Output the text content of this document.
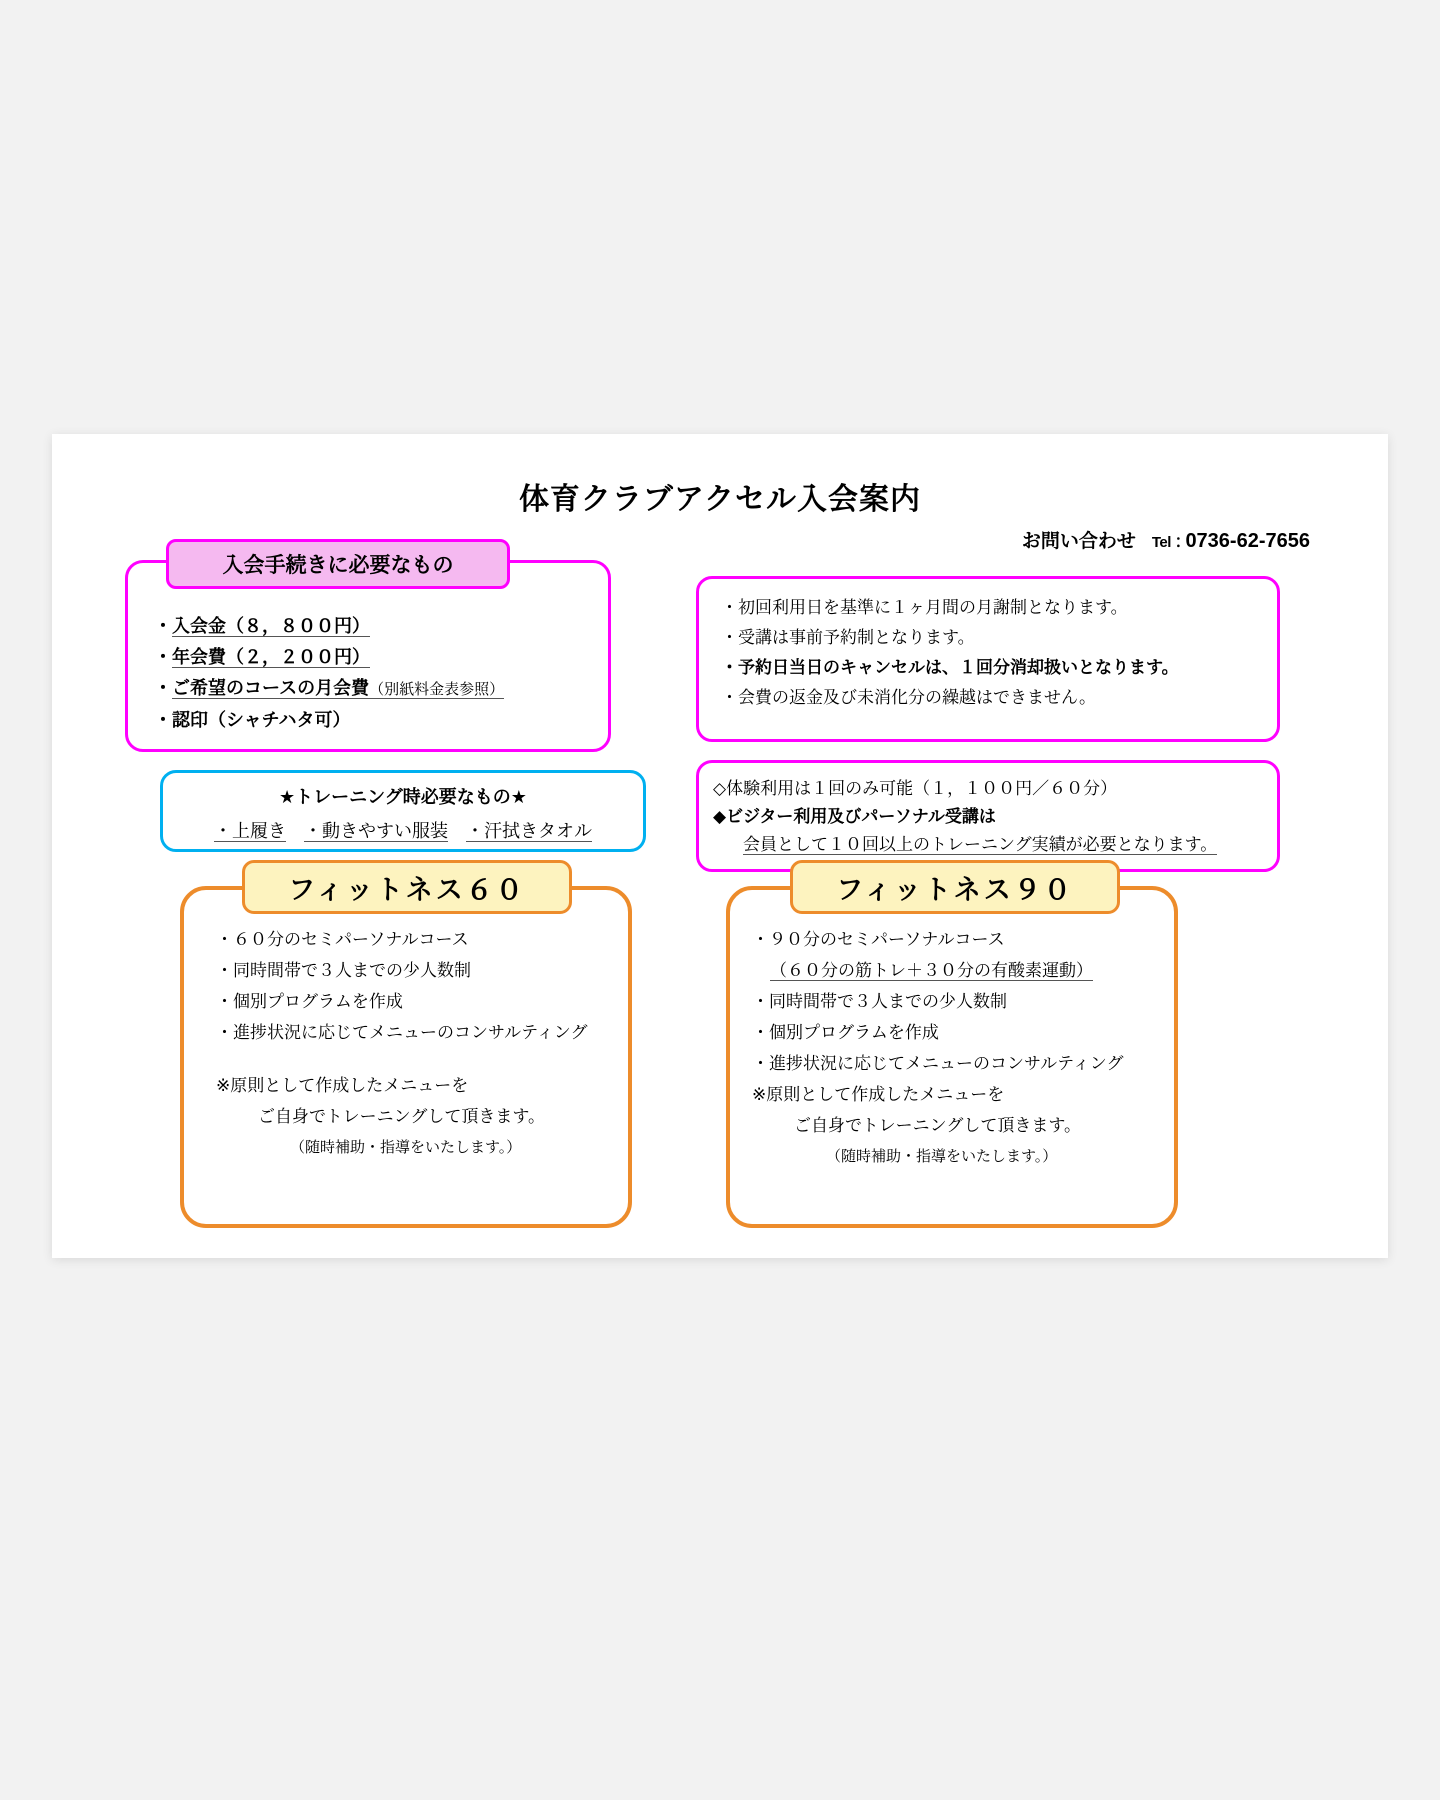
体育クラブアクセル入会案内
お問い合わせ Tel：0736-62-7656
入会手続きに必要なもの
・入会金（８，８００円）
・年会費（２，２００円）
・ご希望のコースの月会費（別紙料金表参照）
・認印（シャチハタ可）
★トレーニング時必要なもの★
・上履き ・動きやすい服装 ・汗拭きタオル
・初回利用日を基準に１ヶ月間の月謝制となります。
・受講は事前予約制となります。
・予約日当日のキャンセルは、１回分消却扱いとなります。
・会費の返金及び未消化分の繰越はできません。
◇体験利用は１回のみ可能（１，１００円／６０分）
◆ビジター利用及びパーソナル受講は
会員として１０回以上のトレーニング実績が必要となります。
・６０分のセミパーソナルコース
・同時間帯で３人までの少人数制
・個別プログラムを作成
・進捗状況に応じてメニューのコンサルティング
※原則として作成したメニューを
ご自身でトレーニングして頂きます。
（随時補助・指導をいたします。）
フィットネス６０
・９０分のセミパーソナルコース
（６０分の筋トレ＋３０分の有酸素運動）
・同時間帯で３人までの少人数制
・個別プログラムを作成
・進捗状況に応じてメニューのコンサルティング
※原則として作成したメニューを
ご自身でトレーニングして頂きます。
（随時補助・指導をいたします。）
フィットネス９０
